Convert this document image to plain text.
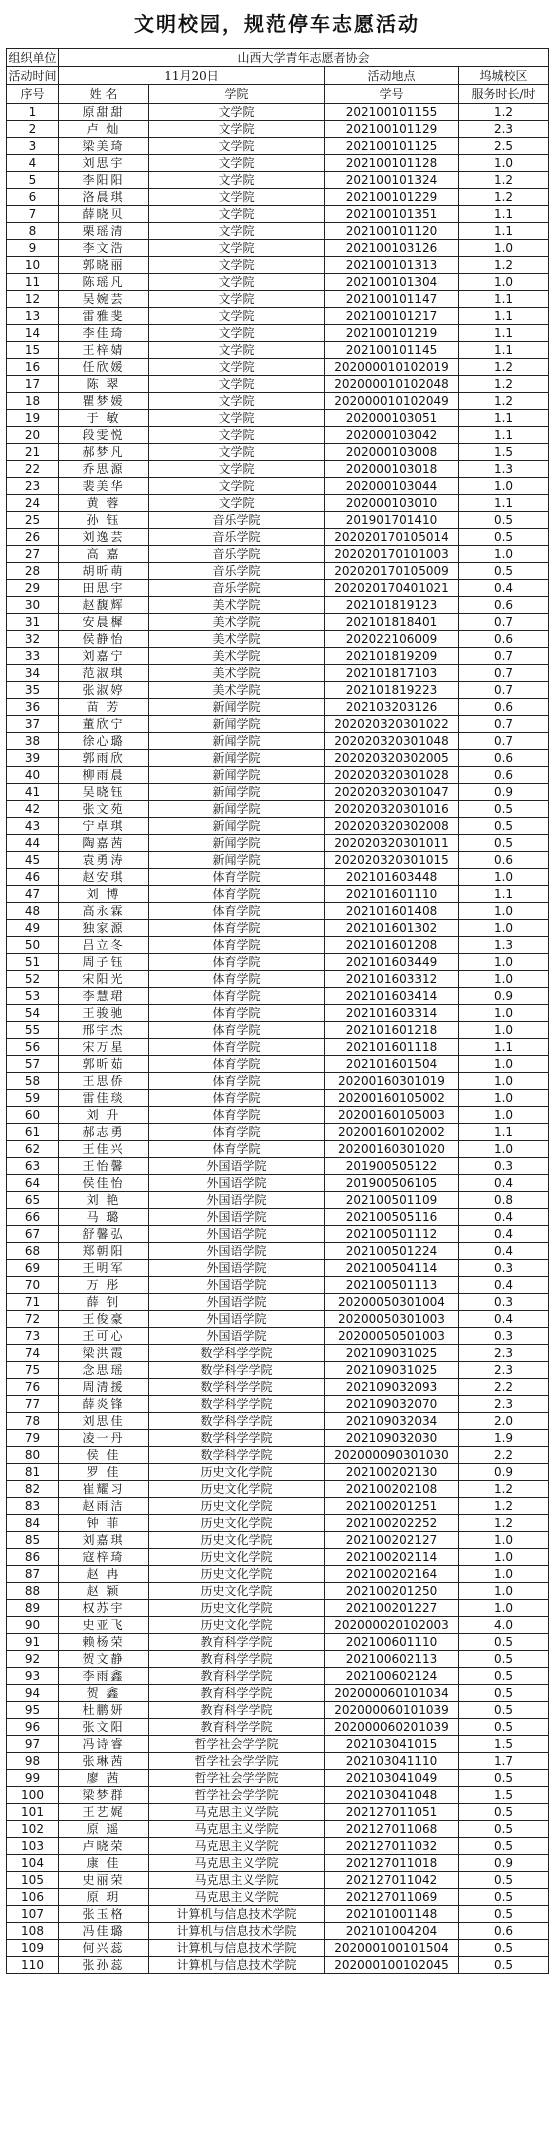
文明校园，规范停车志愿活动
组织单位	山西大学青年志愿者协会			
活动时间	11月20日		活动地点	坞城校区
序号	姓 名	学院	学号	服务时长/时
1	原甜甜	文学院	202100101155	1.2
2	卢 灿	文学院	202100101129	2.3
3	梁美琦	文学院	202100101125	2.5
4	刘思宇	文学院	202100101128	1.0
5	李阳阳	文学院	202100101324	1.2
6	洛晨琪	文学院	202100101229	1.2
7	薛晓贝	文学院	202100101351	1.1
8	栗瑶清	文学院	202100101120	1.1
9	李文浩	文学院	202100103126	1.0
10	郭晓丽	文学院	202100101313	1.2
11	陈瑶凡	文学院	202100101304	1.0
12	吴婉芸	文学院	202100101147	1.1
13	雷雅斐	文学院	202100101217	1.1
14	李佳琦	文学院	202100101219	1.1
15	王梓婧	文学院	202100101145	1.1
16	任欣媛	文学院	202000010102019	1.2
17	陈 翠	文学院	202000010102048	1.2
18	瞿梦媛	文学院	202000010102049	1.2
19	于 敏	文学院	202000103051	1.1
20	段雯悦	文学院	202000103042	1.1
21	郝梦凡	文学院	202000103008	1.5
22	乔思源	文学院	202000103018	1.3
23	裴美华	文学院	202000103044	1.0
24	黄 蓉	文学院	202000103010	1.1
25	孙 钰	音乐学院	201901701410	0.5
26	刘逸芸	音乐学院	202020170105014	0.5
27	高 嘉	音乐学院	202020170101003	1.0
28	胡昕萌	音乐学院	202020170105009	0.5
29	田思宇	音乐学院	202020170401021	0.4
30	赵馥辉	美术学院	202101819123	0.6
31	安晨樨	美术学院	202101818401	0.7
32	侯静怡	美术学院	202022106009	0.6
33	刘嘉宁	美术学院	202101819209	0.7
34	范淑琪	美术学院	202101817103	0.7
35	张淑婷	美术学院	202101819223	0.7
36	苗 芳	新闻学院	202103203126	0.6
37	董欣宁	新闻学院	202020320301022	0.7
38	徐心璐	新闻学院	202020320301048	0.7
39	郭雨欣	新闻学院	202020320302005	0.6
40	柳雨晨	新闻学院	202020320301028	0.6
41	吴晓钰	新闻学院	202020320301047	0.9
42	张文苑	新闻学院	202020320301016	0.5
43	宁卓琪	新闻学院	202020320302008	0.5
44	陶嘉茜	新闻学院	202020320301011	0.5
45	袁勇涛	新闻学院	202020320301015	0.6
46	赵安琪	体育学院	202101603448	1.0
47	刘 博	体育学院	202101601110	1.1
48	高永霖	体育学院	202101601408	1.0
49	独家源	体育学院	202101601302	1.0
50	吕立冬	体育学院	202101601208	1.3
51	周子钰	体育学院	202101603449	1.0
52	宋阳光	体育学院	202101603312	1.0
53	李慧珺	体育学院	202101603414	0.9
54	王骏驰	体育学院	202101603314	1.0
55	邢宇杰	体育学院	202101601218	1.0
56	宋万星	体育学院	202101601118	1.1
57	郭昕茹	体育学院	202101601504	1.0
58	王思侨	体育学院	20200160301019	1.0
59	雷佳琰	体育学院	20200160105002	1.0
60	刘 升	体育学院	20200160105003	1.0
61	郝志勇	体育学院	20200160102002	1.1
62	王佳兴	体育学院	20200160301020	1.0
63	王怡馨	外国语学院	201900505122	0.3
64	侯佳怡	外国语学院	201900506105	0.4
65	刘 艳	外国语学院	202100501109	0.8
66	马 璐	外国语学院	202100505116	0.4
67	舒馨弘	外国语学院	202100501112	0.4
68	郑朝阳	外国语学院	202100501224	0.4
69	王明军	外国语学院	202100504114	0.3
70	万 彤	外国语学院	202100501113	0.4
71	薛 钊	外国语学院	20200050301004	0.3
72	王俊豪	外国语学院	20200050301003	0.4
73	王可心	外国语学院	20200050501003	0.3
74	梁洪霞	数学科学学院	202109031025	2.3
75	念思瑶	数学科学学院	202109031025	2.3
76	周清援	数学科学学院	202109032093	2.2
77	薛炎锋	数学科学学院	202109032070	2.3
78	刘思佳	数学科学学院	202109032034	2.0
79	凌一丹	数学科学学院	202109032030	1.9
80	侯 佳	数学科学学院	202000090301030	2.2
81	罗 佳	历史文化学院	202100202130	0.9
82	崔耀习	历史文化学院	202100202108	1.2
83	赵雨洁	历史文化学院	202100201251	1.2
84	钟 菲	历史文化学院	202100202252	1.2
85	刘嘉琪	历史文化学院	202100202127	1.0
86	寇梓琦	历史文化学院	202100202114	1.0
87	赵 冉	历史文化学院	202100202164	1.0
88	赵 颖	历史文化学院	202100201250	1.0
89	权苏宇	历史文化学院	202100201227	1.0
90	史亚飞	历史文化学院	202000020102003	4.0
91	赖杨荣	教育科学学院	202100601110	0.5
92	贺文静	教育科学学院	202100602113	0.5
93	李雨鑫	教育科学学院	202100602124	0.5
94	贺 鑫	教育科学学院	202000060101034	0.5
95	杜鹏妍	教育科学学院	202000060101039	0.5
96	张文阳	教育科学学院	202000060201039	0.5
97	冯诗睿	哲学社会学学院	202103041015	1.5
98	张琳茜	哲学社会学学院	202103041110	1.7
99	廖 茜	哲学社会学学院	202103041049	0.5
100	梁梦群	哲学社会学学院	202103041048	1.5
101	王艺娓	马克思主义学院	202127011051	0.5
102	原 遥	马克思主义学院	202127011068	0.5
103	卢晓荣	马克思主义学院	202127011032	0.5
104	康 佳	马克思主义学院	202127011018	0.9
105	史丽荣	马克思主义学院	202127011042	0.5
106	原 玥	马克思主义学院	202127011069	0.5
107	张玉格	计算机与信息技术学院	202101001148	0.5
108	冯佳璐	计算机与信息技术学院	202101004204	0.6
109	何兴蕊	计算机与信息技术学院	202000100101504	0.5
110	张孙蕊	计算机与信息技术学院	202000100102045	0.5
